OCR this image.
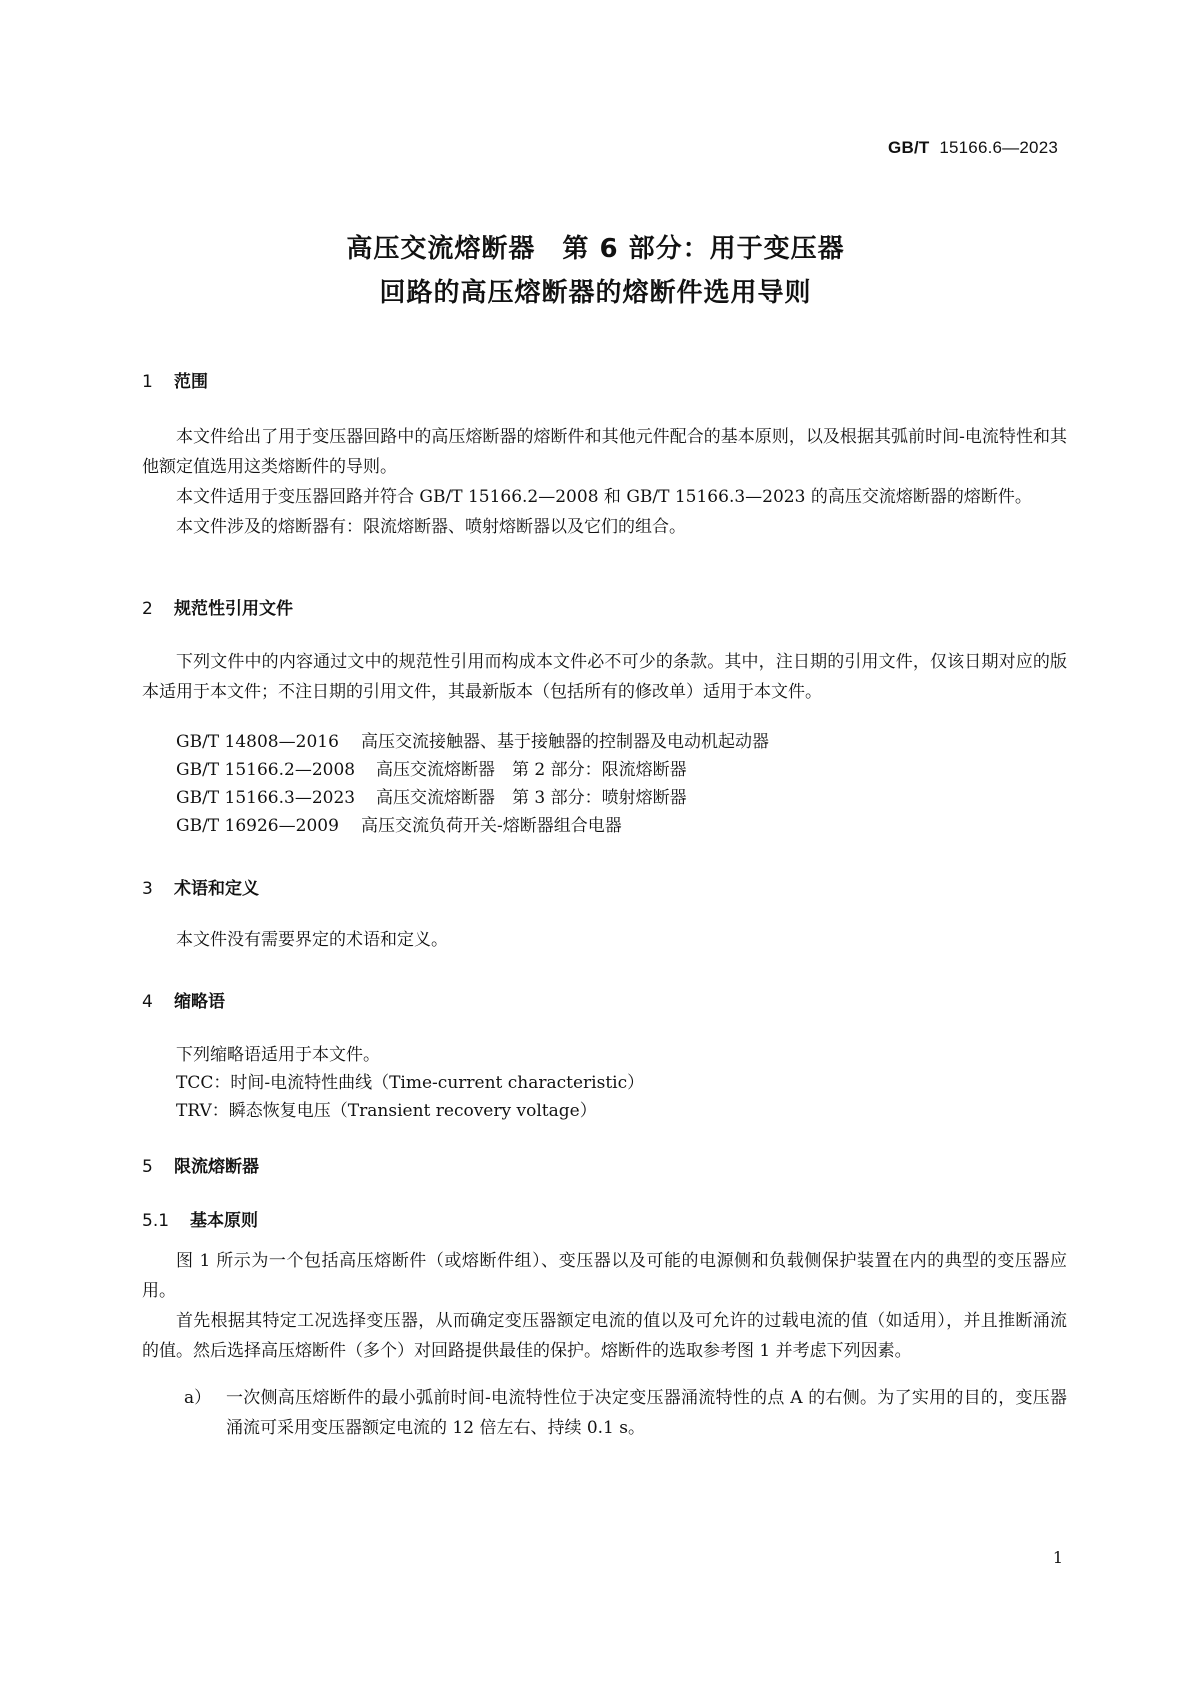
GB/T 15166.6—2023
高压交流熔断器　第 6 部分：用于变压器
回路的高压熔断器的熔断件选用导则
1 范围

本文件给出了用于变压器回路中的高压熔断器的熔断件和其他元件配合的基本原则，以及根据其弧前时间-电流特性和其他额定值选用这类熔断件的导则。

本文件适用于变压器回路并符合 GB/T 15166.2—2008 和 GB/T 15166.3—2023 的高压交流熔断器的熔断件。

本文件涉及的熔断器有：限流熔断器、喷射熔断器以及它们的组合。

2 规范性引用文件

下列文件中的内容通过文中的规范性引用而构成本文件必不可少的条款。其中，注日期的引用文件，仅该日期对应的版本适用于本文件；不注日期的引用文件，其最新版本（包括所有的修改单）适用于本文件。

GB/T 14808—2016 高压交流接触器、基于接触器的控制器及电动机起动器
GB/T 15166.2—2008 高压交流熔断器　第 2 部分：限流熔断器
GB/T 15166.3—2023 高压交流熔断器　第 3 部分：喷射熔断器
GB/T 16926—2009 高压交流负荷开关-熔断器组合电器
3 术语和定义

本文件没有需要界定的术语和定义。

4 缩略语

下列缩略语适用于本文件。

TCC：时间-电流特性曲线（Time-current characteristic）
TRV：瞬态恢复电压（Transient recovery voltage）
5 限流熔断器
5.1 基本原则

图 1 所示为一个包括高压熔断件（或熔断件组）、变压器以及可能的电源侧和负载侧保护装置在内的典型的变压器应用。

首先根据其特定工况选择变压器，从而确定变压器额定电流的值以及可允许的过载电流的值（如适用），并且推断涌流的值。然后选择高压熔断件（多个）对回路提供最佳的保护。熔断件的选取参考图 1 并考虑下列因素。

a） 一次侧高压熔断件的最小弧前时间-电流特性位于决定变压器涌流特性的点 A 的右侧。为了实用的目的，变压器涌流可采用变压器额定电流的 12 倍左右、持续 0.1 s。
1
